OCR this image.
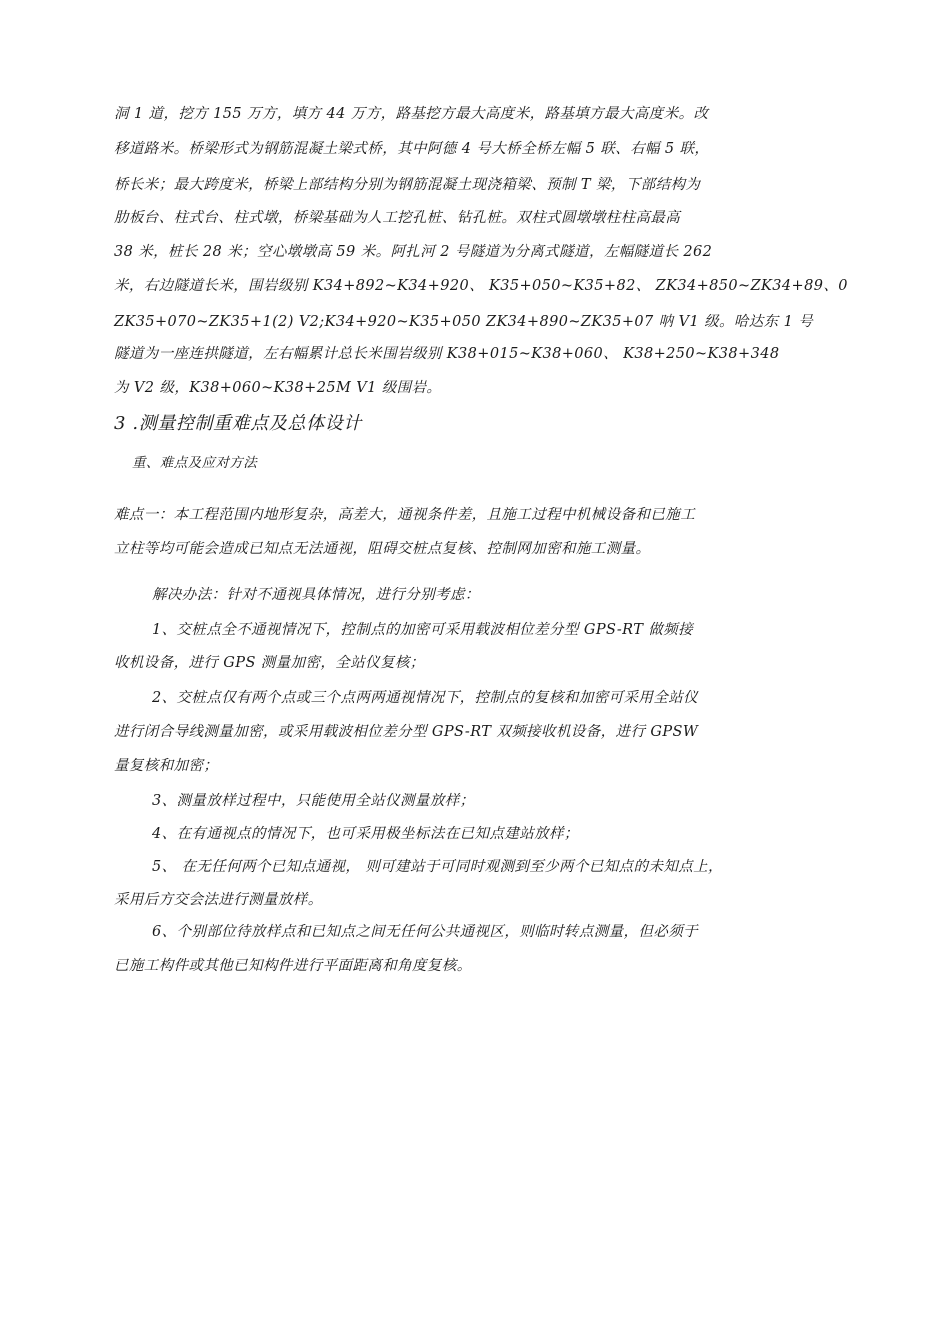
洞 1 道，挖方 155 万方，填方 44 万方，路基挖方最大高度米，路基填方最大高度米。改
移道路米。桥梁形式为钢筋混凝土梁式桥，其中阿德 4 号大桥全桥左幅 5 联、右幅 5 联，
桥长米；最大跨度米，桥梁上部结构分别为钢筋混凝土现浇箱梁、预制 T 梁，下部结构为
肋板台、柱式台、柱式墩，桥梁基础为人工挖孔桩、钻孔桩。双柱式圆墩墩柱柱高最高
38 米，桩长 28 米；空心墩墩高 59 米。阿扎河 2 号隧道为分离式隧道，左幅隧道长 262
米，右边隧道长米，围岩级别 K34+892~K34+920、 K35+050~K35+82、 ZK34+850~ZK34+89、0
ZK35+070~ZK35+1(2) V2;K34+920~K35+050 ZK34+890~ZK35+07 呐 V1 级。哈达东 1 号
隧道为一座连拱隧道，左右幅累计总长米围岩级别 K38+015~K38+060、 K38+250~K38+348
为 V2 级，K38+060~K38+25M V1 级围岩。
3 .测量控制重难点及总体设计
重、难点及应对方法
难点一：本工程范围内地形复杂，高差大，通视条件差，且施工过程中机械设备和已施工
立柱等均可能会造成已知点无法通视，阻碍交桩点复核、控制网加密和施工测量。
解决办法：针对不通视具体情况，进行分别考虑：
1、交桩点全不通视情况下，控制点的加密可采用载波相位差分型 GPS-RT 做频接
收机设备，进行 GPS 测量加密，全站仪复核；
2、交桩点仅有两个点或三个点两两通视情况下，控制点的复核和加密可采用全站仪
进行闭合导线测量加密，或采用载波相位差分型 GPS-RT 双频接收机设备，进行 GPSW
量复核和加密；
3、测量放样过程中，只能使用全站仪测量放样；
4、在有通视点的情况下，也可采用极坐标法在已知点建站放样；
5、 在无任何两个已知点通视， 则可建站于可同时观测到至少两个已知点的未知点上，
采用后方交会法进行测量放样。
6、个别部位待放样点和已知点之间无任何公共通视区，则临时转点测量，但必须于
已施工构件或其他已知构件进行平面距离和角度复核。
